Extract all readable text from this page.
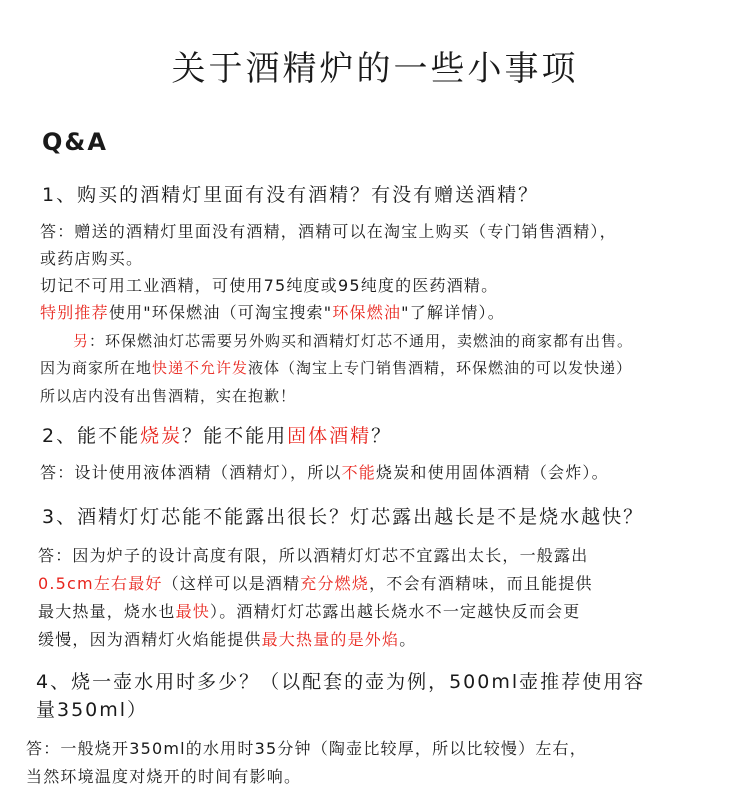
关于酒精炉的一些小事项
Q&A
1、购买的酒精灯里面有没有酒精？有没有赠送酒精？
答：赠送的酒精灯里面没有酒精，酒精可以在淘宝上购买（专门销售酒精），
或药店购买。
切记不可用工业酒精，可使用75纯度或95纯度的医药酒精。
特别推荐使用"环保燃油（可淘宝搜索"环保燃油"了解详情）。
另：环保燃油灯芯需要另外购买和酒精灯灯芯不通用，卖燃油的商家都有出售。
因为商家所在地快递不允许发液体（淘宝上专门销售酒精，环保燃油的可以发快递）
所以店内没有出售酒精，实在抱歉！
2、能不能烧炭？能不能用固体酒精？
答：设计使用液体酒精（酒精灯），所以不能烧炭和使用固体酒精（会炸）。
3、酒精灯灯芯能不能露出很长？灯芯露出越长是不是烧水越快？
答：因为炉子的设计高度有限，所以酒精灯灯芯不宜露出太长，一般露出
0.5cm左右最好（这样可以是酒精充分燃烧，不会有酒精味，而且能提供
最大热量，烧水也最快）。酒精灯灯芯露出越长烧水不一定越快反而会更
缓慢，因为酒精灯火焰能提供最大热量的是外焰。
4、烧一壶水用时多少？（以配套的壶为例，500ml壶推荐使用容
量350ml）
答：一般烧开350ml的水用时35分钟（陶壶比较厚，所以比较慢）左右，
当然环境温度对烧开的时间有影响。
